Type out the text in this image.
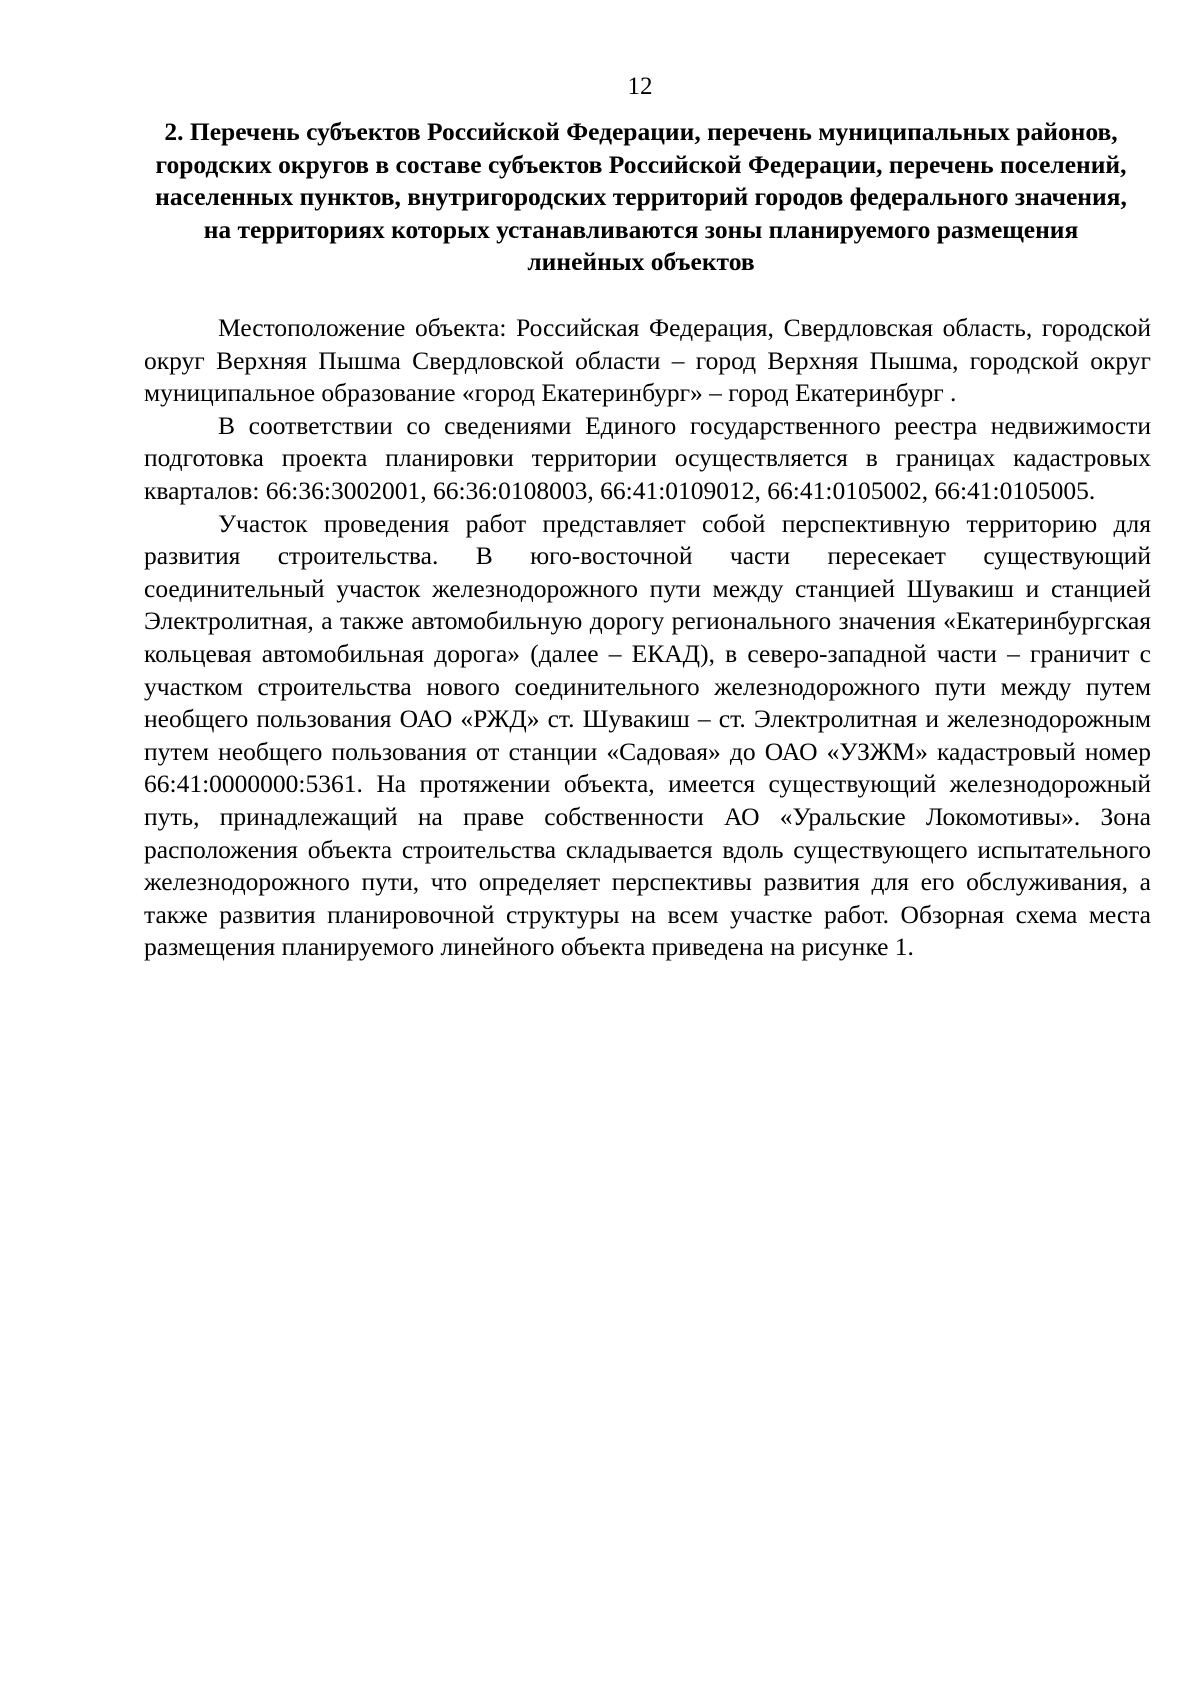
12
2. Перечень субъектов Российской Федерации, перечень муниципальных районов, городских округов в составе субъектов Российской Федерации, перечень поселений, населенных пунктов, внутригородских территорий городов федерального значения, на территориях которых устанавливаются зоны планируемого размещения линейных объектов

Местоположение объекта: Российская Федерация, Свердловская область, городской округ Верхняя Пышма Свердловской области – город Верхняя Пышма, городской округ муниципальное образование «город Екатеринбург» – город Екатеринбург .

В соответствии со сведениями Единого государственного реестра недвижимости подготовка проекта планировки территории осуществляется в границах кадастровых кварталов: 66:36:3002001, 66:36:0108003, 66:41:0109012, 66:41:0105002, 66:41:0105005.

Участок проведения работ представляет собой перспективную территорию для развития строительства. В юго-восточной части пересекает существующий соединительный участок железнодорожного пути между станцией Шувакиш и станцией Электролитная, а также автомобильную дорогу регионального значения «Екатеринбургская кольцевая автомобильная дорога» (далее – ЕКАД), в северо-западной части – граничит с участком строительства нового соединительного железнодорожного пути между путем необщего пользования ОАО «РЖД» ст. Шувакиш – ст. Электролитная и железнодорожным путем необщего пользования от станции «Садовая» до ОАО «УЗЖМ» кадастровый номер 66:41:0000000:5361. На протяжении объекта, имеется существующий железнодорожный путь, принадлежащий на праве собственности АО «Уральские Локомотивы». Зона расположения объекта строительства складывается вдоль существующего испытательного железнодорожного пути, что определяет перспективы развития для его обслуживания, а также развития планировочной структуры на всем участке работ. Обзорная схема места размещения планируемого линейного объекта приведена на рисунке 1.
